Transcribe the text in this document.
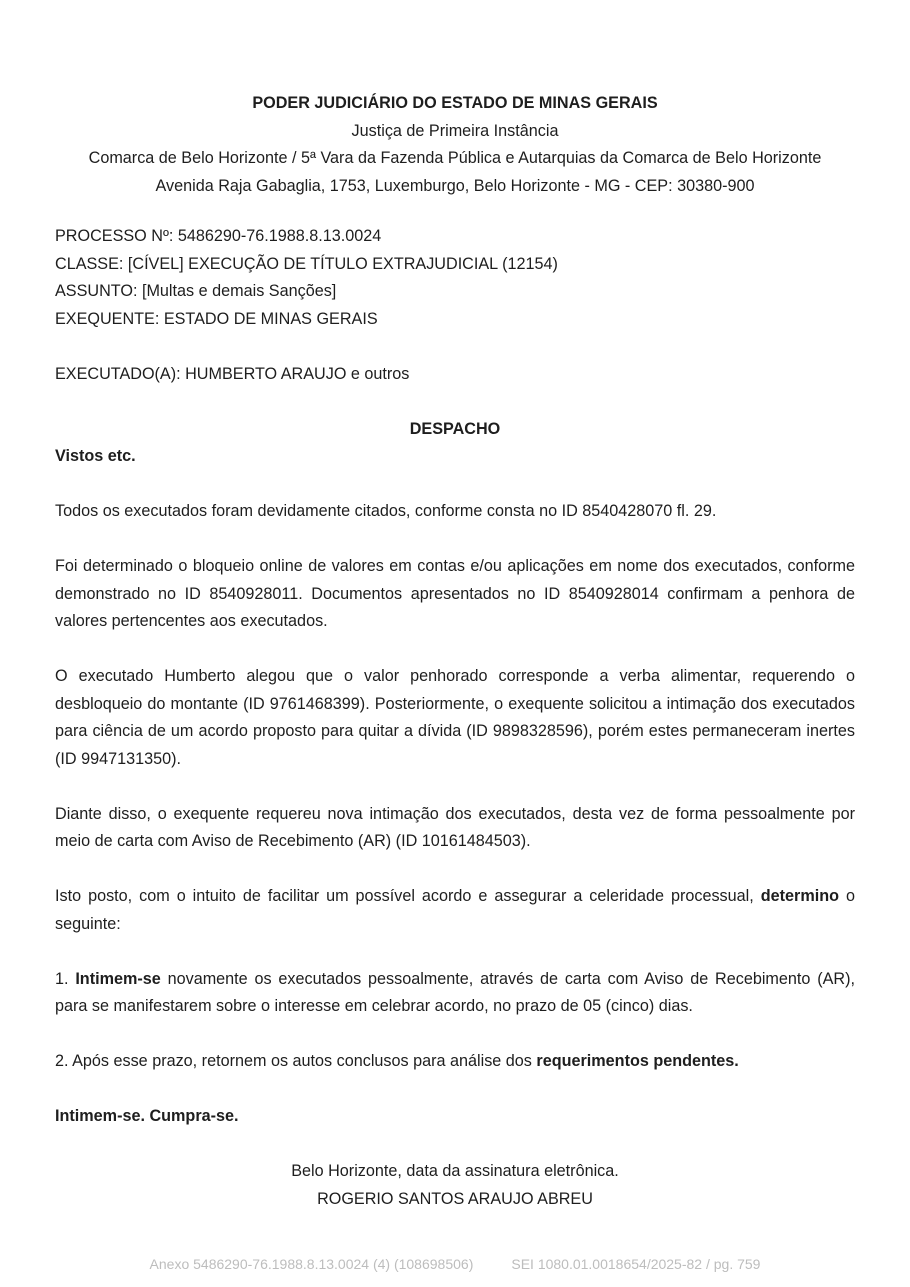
PODER JUDICIÁRIO DO ESTADO DE MINAS GERAIS

Justiça de Primeira Instância

Comarca de Belo Horizonte / 5ª Vara da Fazenda Pública e Autarquias da Comarca de Belo Horizonte

Avenida Raja Gabaglia, 1753, Luxemburgo, Belo Horizonte - MG - CEP: 30380-900

PROCESSO Nº: 5486290-76.1988.8.13.0024

CLASSE: [CÍVEL] EXECUÇÃO DE TÍTULO EXTRAJUDICIAL (12154)

ASSUNTO: [Multas e demais Sanções]

EXEQUENTE: ESTADO DE MINAS GERAIS

EXECUTADO(A): HUMBERTO ARAUJO e outros

DESPACHO

Vistos etc.

Todos os executados foram devidamente citados, conforme consta no ID 8540428070 fl. 29.

Foi determinado o bloqueio online de valores em contas e/ou aplicações em nome dos executados, conforme demonstrado no ID 8540928011. Documentos apresentados no ID 8540928014 confirmam a penhora de valores pertencentes aos executados.

O executado Humberto alegou que o valor penhorado corresponde a verba alimentar, requerendo o desbloqueio do montante (ID 9761468399). Posteriormente, o exequente solicitou a intimação dos executados para ciência de um acordo proposto para quitar a dívida (ID 9898328596), porém estes permaneceram inertes (ID 9947131350).

Diante disso, o exequente requereu nova intimação dos executados, desta vez de forma pessoalmente por meio de carta com Aviso de Recebimento (AR) (ID 10161484503).

Isto posto, com o intuito de facilitar um possível acordo e assegurar a celeridade processual, determino o seguinte:

1. Intimem-se novamente os executados pessoalmente, através de carta com Aviso de Recebimento (AR), para se manifestarem sobre o interesse em celebrar acordo, no prazo de 05 (cinco) dias.

2. Após esse prazo, retornem os autos conclusos para análise dos requerimentos pendentes.

Intimem-se. Cumpra-se.

Belo Horizonte, data da assinatura eletrônica.

ROGERIO SANTOS ARAUJO ABREU

Anexo 5486290-76.1988.8.13.0024 (4) (108698506)	SEI 1080.01.0018654/2025-82 / pg. 759
